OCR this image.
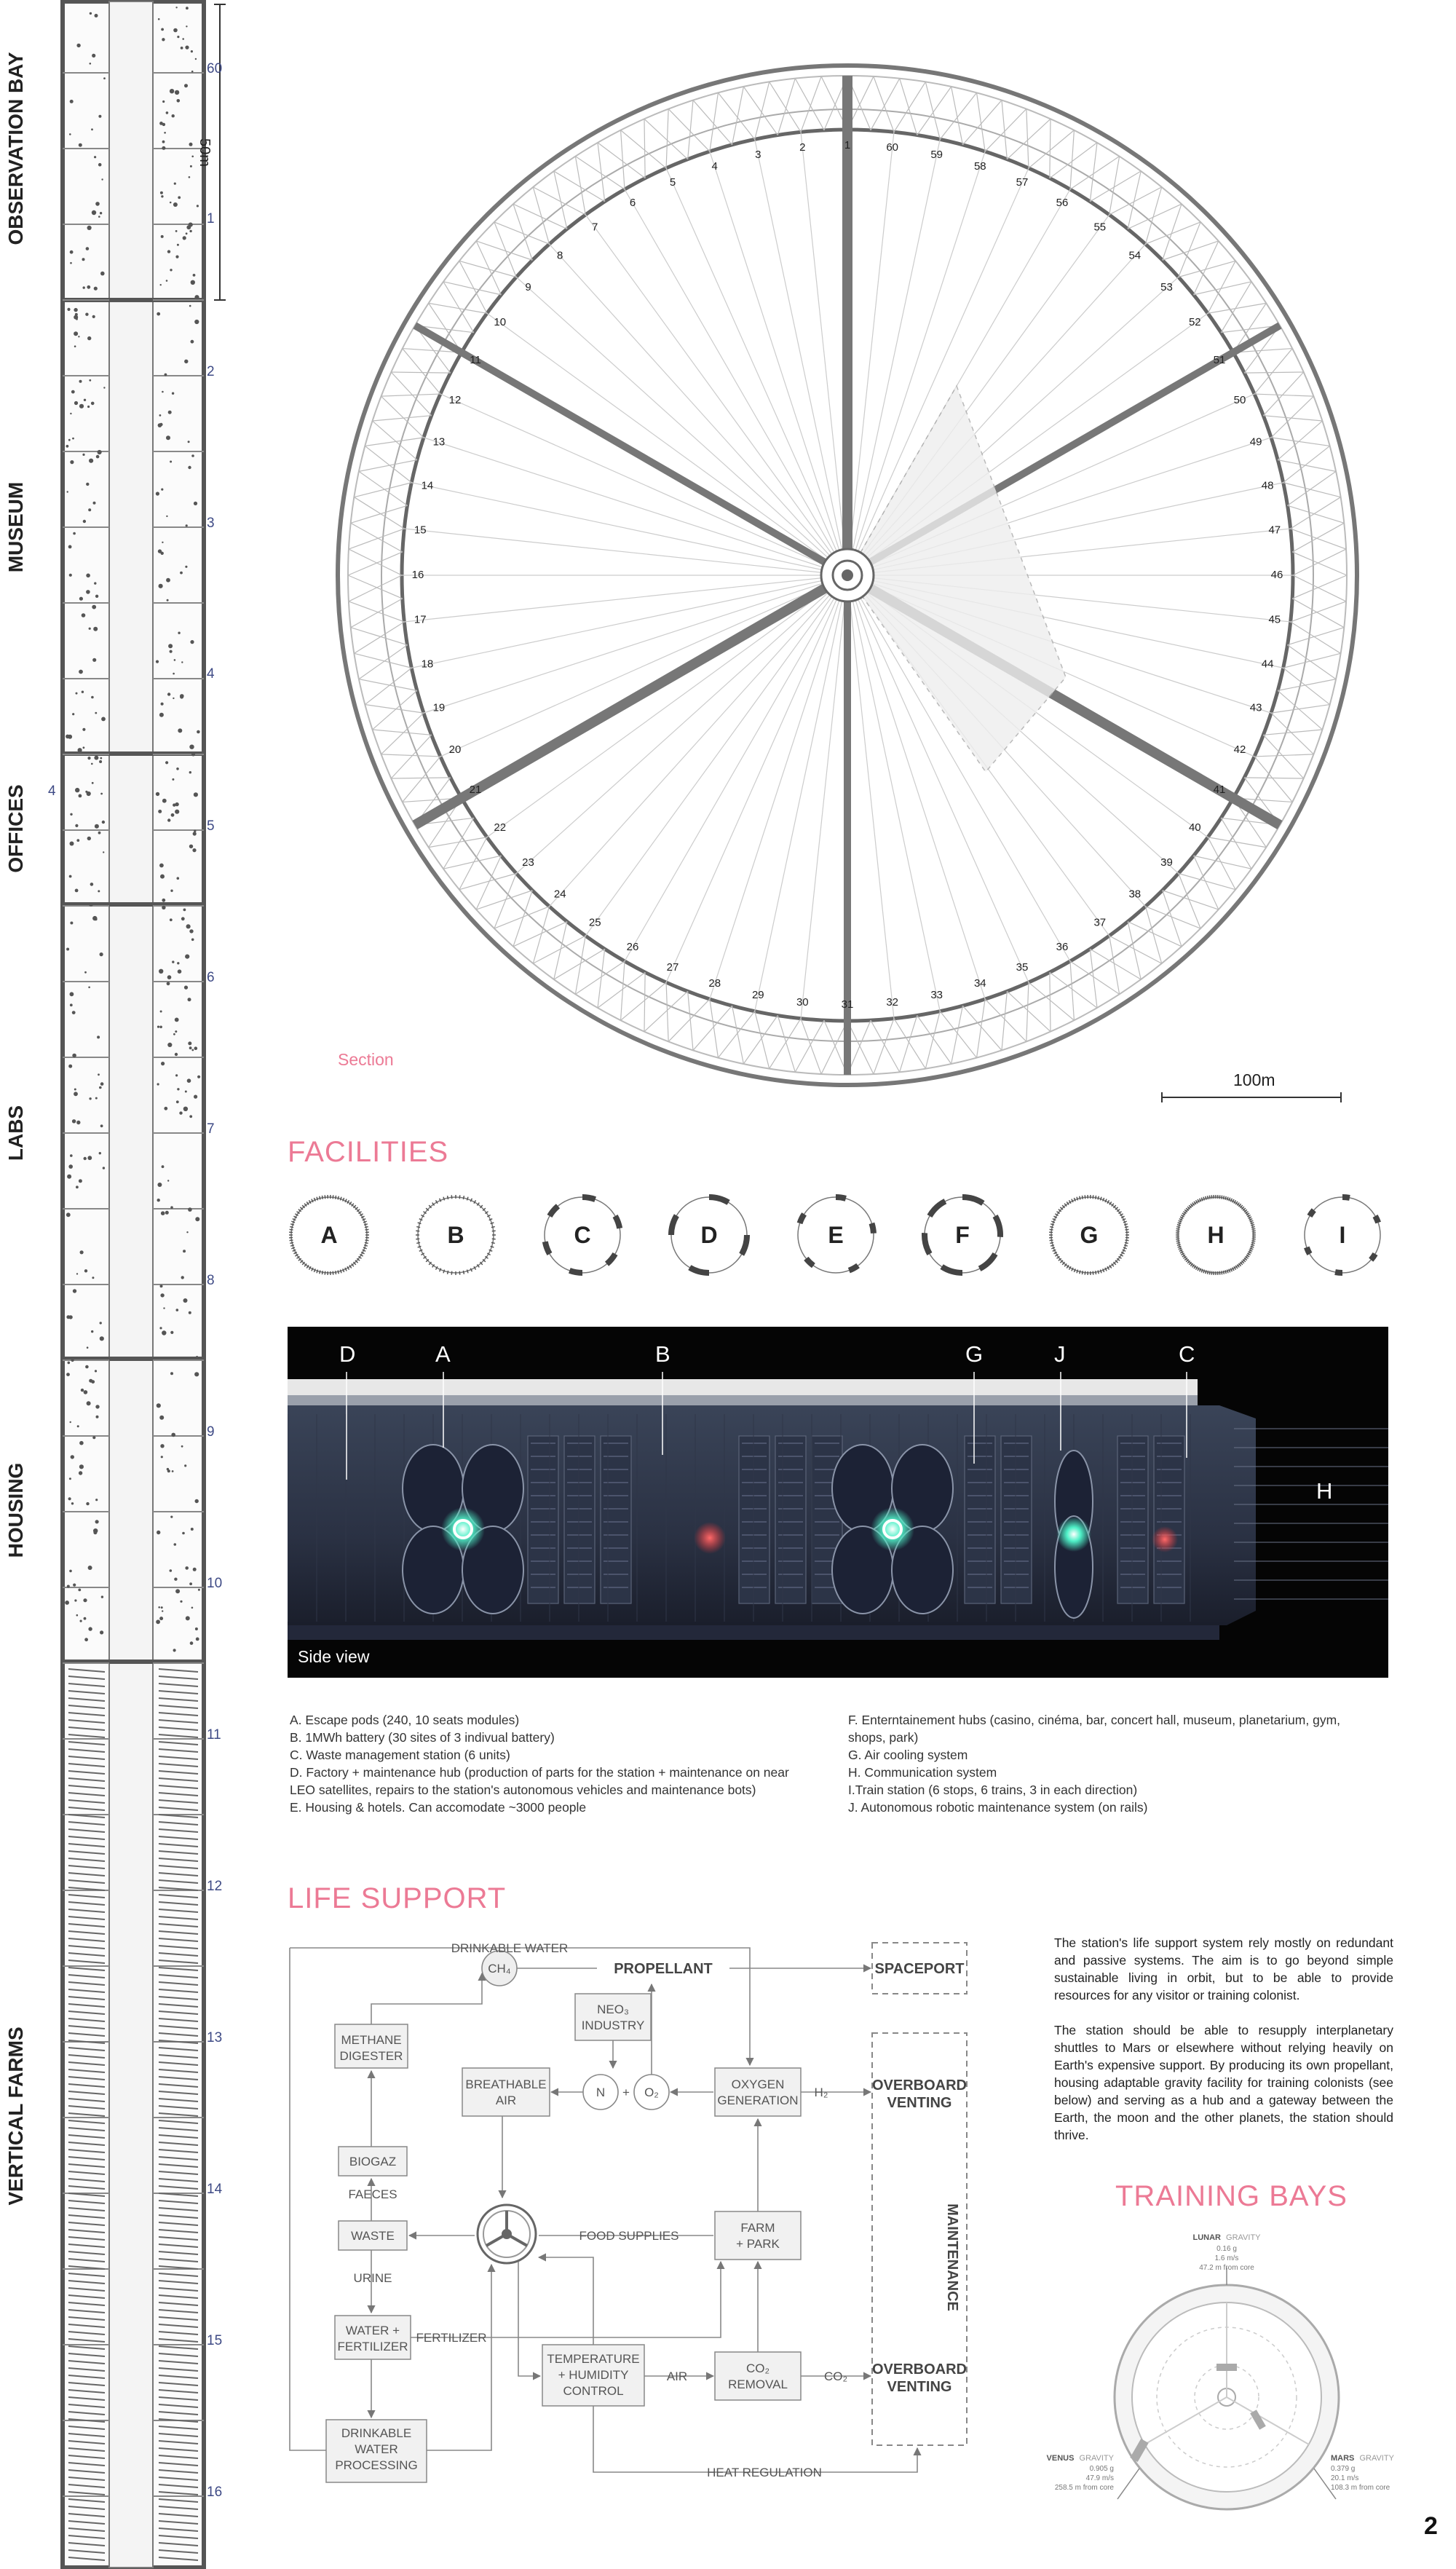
50m
OBSERVATION BAY
MUSEUM
OFFICES
LABS
HOUSING
VERTICAL FARMS
4
60
1
2
3
4
5
6
7
8
9
10
11
12
13
14
15
16
1
2
3
4
5
6
7
8
9
10
11
12
13
14
15
16
17
18
19
20
21
22
23
24
25
26
27
28
29
30	31	32
33
34
35
36
37
38
39
40
41
42
43
44
45
46
47
48
49
50
51
52
53
54
55
56
57
58
59
60
Section
100m
FACILITIES
A	B	C	D	E	F	G	H	I
D	A	B	G	J	C
H
Side view
A. Escape pods (240, 10 seats modules)
B. 1MWh battery (30 sites of 3 indivual battery)
C. Waste management station (6 units)
D. Factory + maintenance hub (production of parts for the station + maintenance on near
LEO satellites, repairs to the station's autonomous vehicles and maintenance bots)
E. Housing & hotels. Can accomodate ~3000 people
F. Enterntainement hubs (casino, cinéma, bar, concert hall, museum, planetarium, gym,
shops, park)
G. Air cooling system
H. Communication system
I.Train station (6 stops, 6 trains, 3 in each direction)
J. Autonomous robotic maintenance system (on rails)
LIFE SUPPORT
DRINKABLE WATER
CH₄	PROPELLANT	SPACEPORT
NEO₃
INDUSTRY
METHANE
DIGESTER
BREATHABLE
AIR
N + O₂
OXYGEN
GENERATION
H₂	OVERBOARD
VENTING
BIOGAZ
FAECES
WASTE	FOOD SUPPLIES
FARM
+ PARK	MAINTENANCE
URINE
WATER +
FERTILIZER
FERTILIZER
TEMPERATURE
+ HUMIDITY
CONTROL
AIR
CO₂
REMOVAL
CO₂ OVERBOARD
VENTING
DRINKABLE
WATER
PROCESSING
HEAT REGULATION
The station's life support system rely mostly on redundant and passive systems. The aim is to go beyond simple sustainable living in orbit, but to be able to provide resources for any visitor or training colonist.
The station should be able to resupply interplanetary shuttles to Mars or elsewhere without relying heavily on Earth's expensive support. By producing its own propellant, housing adaptable gravity facility for training colonists (see below) and serving as a hub and a gateway between the Earth, the moon and the other planets, the station should thrive.
TRAINING BAYS
LUNAR GRAVITY
0.16 g
1.6 m/s
47.2 m from core
VENUS GRAVITY
0.905 g
47.9 m/s
258.5 m from core
MARS GRAVITY
0.379 g
20.1 m/s
108.3 m from core
2
